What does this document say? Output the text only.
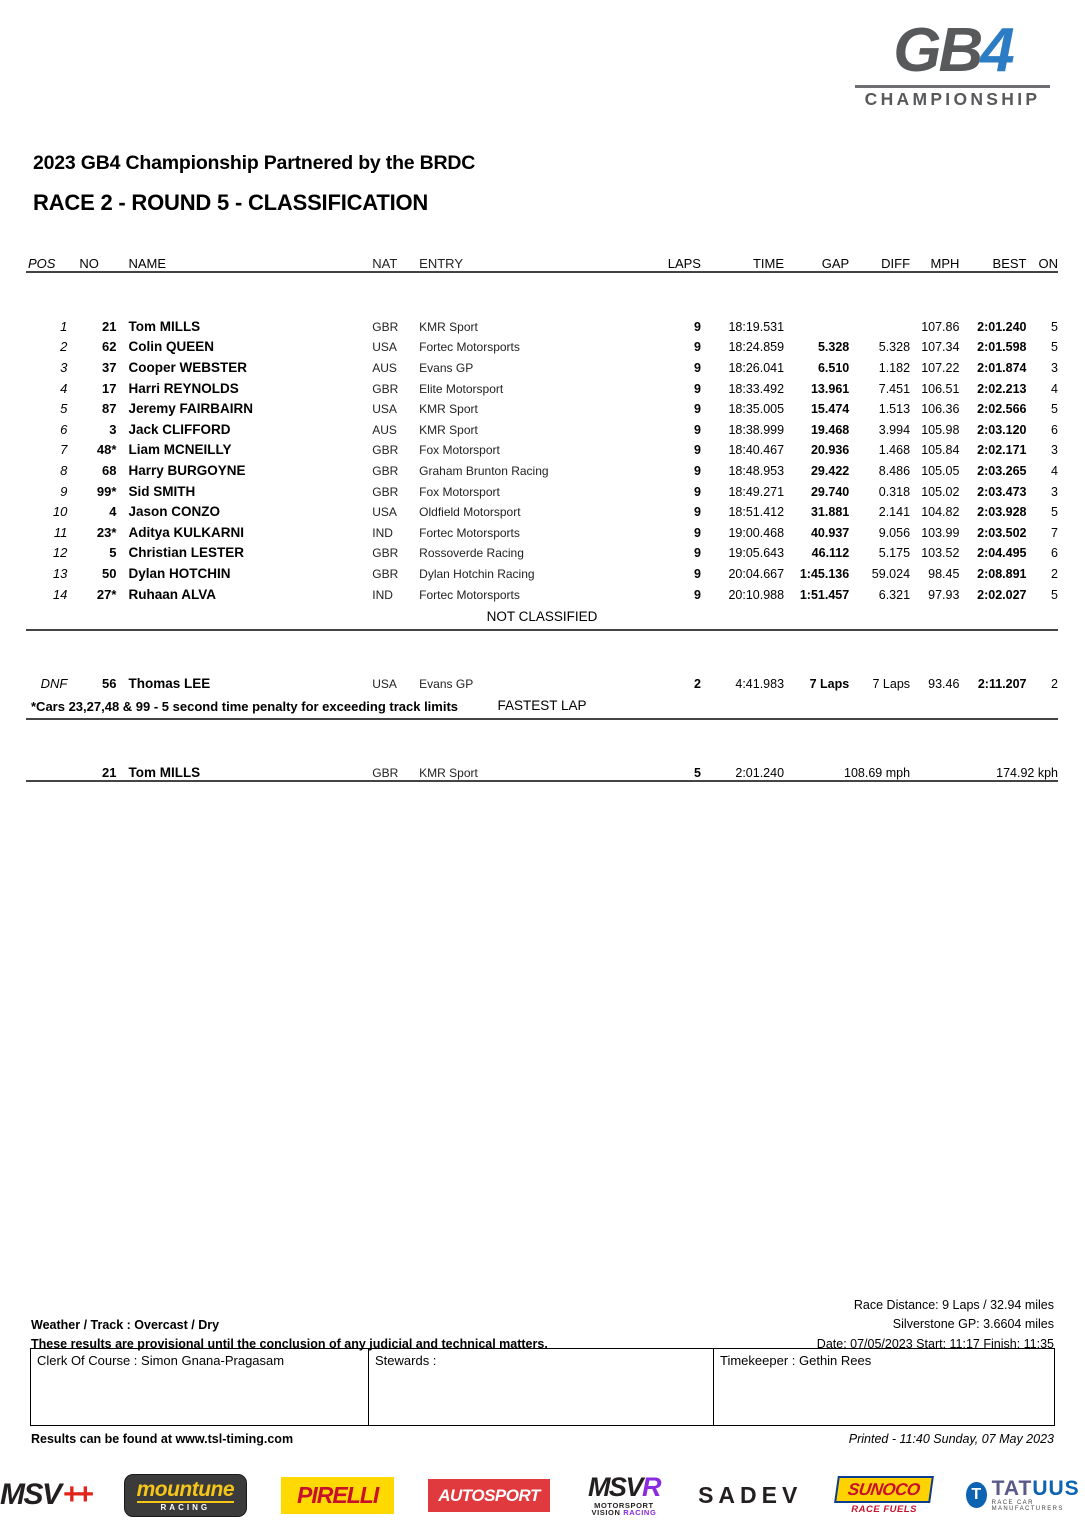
GB4
CHAMPIONSHIP
2023 GB4 Championship Partnered by the BRDC
RACE 2 - ROUND 5 - CLASSIFICATION
POS	NO	NAME	NAT	ENTRY	LAPS	TIME	GAP	DIFF	MPH	BEST	ON

1	21	Tom MILLS	GBR	KMR Sport	9	18:19.531			107.86	2:01.240	5
2	62	Colin QUEEN	USA	Fortec Motorsports	9	18:24.859	5.328	5.328	107.34	2:01.598	5
3	37	Cooper WEBSTER	AUS	Evans GP	9	18:26.041	6.510	1.182	107.22	2:01.874	3
4	17	Harri REYNOLDS	GBR	Elite Motorsport	9	18:33.492	13.961	7.451	106.51	2:02.213	4
5	87	Jeremy FAIRBAIRN	USA	KMR Sport	9	18:35.005	15.474	1.513	106.36	2:02.566	5
6	3	Jack CLIFFORD	AUS	KMR Sport	9	18:38.999	19.468	3.994	105.98	2:03.120	6
7	48*	Liam MCNEILLY	GBR	Fox Motorsport	9	18:40.467	20.936	1.468	105.84	2:02.171	3
8	68	Harry BURGOYNE	GBR	Graham Brunton Racing	9	18:48.953	29.422	8.486	105.05	2:03.265	4
9	99*	Sid SMITH	GBR	Fox Motorsport	9	18:49.271	29.740	0.318	105.02	2:03.473	3
10	4	Jason CONZO	USA	Oldfield Motorsport	9	18:51.412	31.881	2.141	104.82	2:03.928	5
11	23*	Aditya KULKARNI	IND	Fortec Motorsports	9	19:00.468	40.937	9.056	103.99	2:03.502	7
12	5	Christian LESTER	GBR	Rossoverde Racing	9	19:05.643	46.112	5.175	103.52	2:04.495	6
13	50	Dylan HOTCHIN	GBR	Dylan Hotchin Racing	9	20:04.667	1:45.136	59.024	98.45	2:08.891	2
14	27*	Ruhaan ALVA	IND	Fortec Motorsports	9	20:10.988	1:51.457	6.321	97.93	2:02.027	5
NOT CLASSIFIED											

DNF	56	Thomas LEE	USA	Evans GP	2	4:41.983	7 Laps	7 Laps	93.46	2:11.207	2
FASTEST LAP											

	21	Tom MILLS	GBR	KMR Sport	5	2:01.240	108.69 mph		174.92 kph		

*Cars 23,27,48 & 99 - 5 second time penalty for exceeding track limits
Weather / Track : Overcast / Dry
These results are provisional until the conclusion of any judicial and technical matters.
Race Distance: 9 Laps / 32.94 miles
Silverstone GP: 3.6604 miles
Date: 07/05/2023 Start: 11:17 Finish: 11:35
Clerk Of Course : Simon Gnana-Pragasam	Stewards :	Timekeeper : Gethin Rees
Results can be found at www.tsl-timing.com	Printed - 11:40 Sunday, 07 May 2023
MSV ++ mountune
RACING	PIRELLI	AUTOSPORT	MSVR
MOTORSPORT VISION RACING
SADEV	SUNOCO
RACE FUELS
T TATUUS
RACE CAR MANUFACTURERS
